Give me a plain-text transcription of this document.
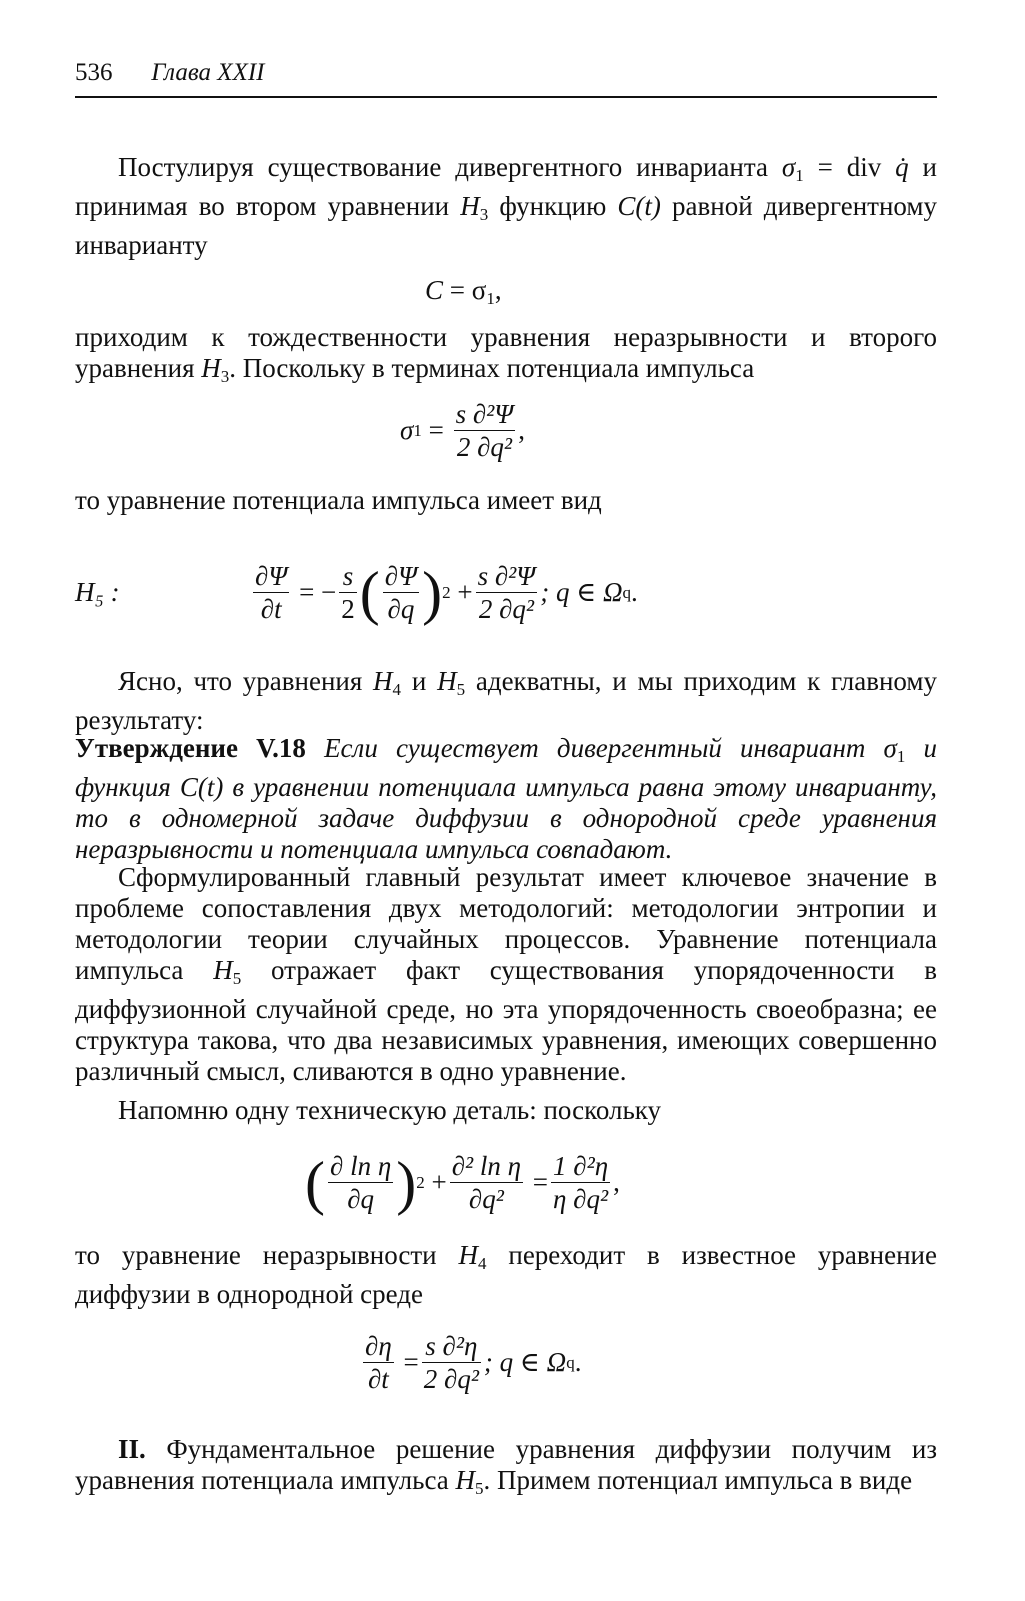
536 Глава XXII
Постулируя существование дивергентного инварианта $\sigma_1$ = div q̇ и принимая во втором уравнении $H_3$ функцию C(t) равной дивергентному инварианту
$C = \sigma_1$,
приходим к тождественности уравнения неразрывности и второго уравнения $H_3$. Поскольку в терминах потенциала импульса
σ $1 = \frac{\text{s ∂²Ψ}}{\text{2 ∂q²}}$ ,
то уравнение потенциала импульса имеет вид
H₅ :	$\frac{\partial\Psi}{\partial t}$ = − $\frac{s}{2}$ ( $\frac{\partial\Psi}{\partial q}$ ) $2 + \frac{\text{s ∂²Ψ}}{\text{2 ∂q²}}$ ; q ∈ Ω q .
Ясно, что уравнения $H_4$ и $H_5$ адекватны, и мы приходим к главному результату:
Утверждение V.18 Если существует дивергентный инвариант $\sigma_1$ и функция C(t) в уравнении потенциала импульса равна этому инварианту, то в одномерной задаче диффузии в однородной среде уравнения неразрывности и потенциала импульса совпадают.
Сформулированный главный результат имеет ключевое значение в проблеме сопоставления двух методологий: методологии энтропии и методологии теории случайных процессов. Уравнение потенциала импульса $H_5$ отражает факт существования упорядоченности в диффузионной случайной среде, но эта упорядоченность своеобразна; ее структура такова, что два независимых уравнения, имеющих совершенно различный смысл, сливаются в одно уравнение.
Напомню одну техническую деталь: поскольку
( $\frac{\text{∂ ln η}}{\partial q}$ ) $2 + \frac{\text{∂² ln η}}{\text{∂q²}} = \frac{\text{1 ∂²η}}{\text{η ∂q²}}$ ,
то уравнение неразрывности $H_4$ переходит в известное уравнение диффузии в однородной среде
$\frac{\partial\eta}{\partial t} = \frac{\text{s ∂²η}}{\text{2 ∂q²}}$ ; q ∈ Ω q .
II. Фундаментальное решение уравнения диффузии получим из уравнения потенциала импульса $H_5$. Примем потенциал импульса в виде
